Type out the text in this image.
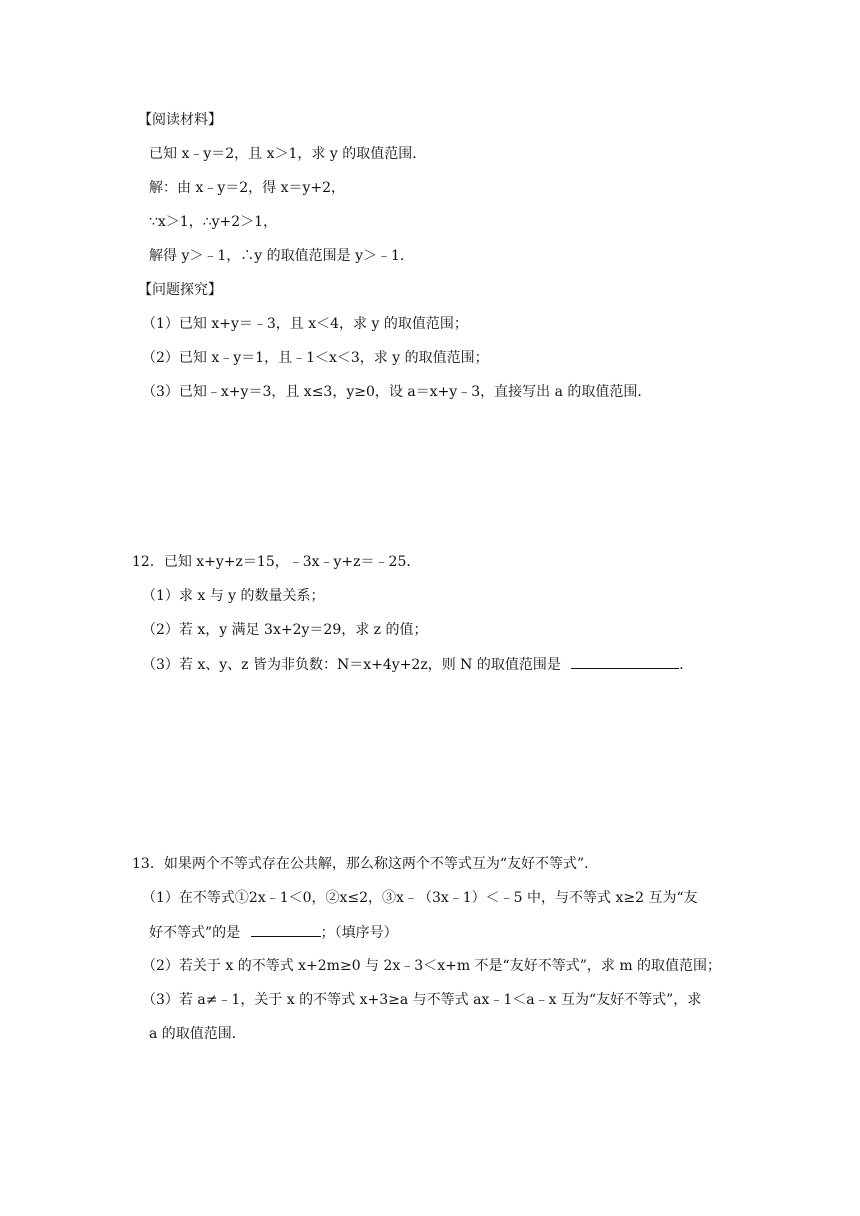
【阅读材料】
已知 x﹣y＝2，且 x＞1，求 y 的取值范围．
解：由 x﹣y＝2，得 x＝y+2，
∵x＞1，∴y+2＞1，
解得 y＞﹣1，∴y 的取值范围是 y＞﹣1．
【问题探究】
（1）已知 x+y＝﹣3，且 x＜4，求 y 的取值范围；
（2）已知 x﹣y＝1，且﹣1＜x＜3，求 y 的取值范围；
（3）已知﹣x+y＝3，且 x≤3，y≥0，设 a＝x+y﹣3，直接写出 a 的取值范围．
12．已知 x+y+z＝15，﹣3x﹣y+z＝﹣25．
（1）求 x 与 y 的数量关系；
（2）若 x，y 满足 3x+2y＝29，求 z 的值；
（3）若 x、y、z 皆为非负数：N＝x+4y+2z，则 N 的取值范围是	．
13．如果两个不等式存在公共解，那么称这两个不等式互为“友好不等式”．
（1）在不等式①2x﹣1＜0，②x≤2，③x﹣（3x﹣1）＜﹣5 中，与不等式 x≥2 互为“友
好不等式”的是	；（填序号）
（2）若关于 x 的不等式 x+2m≥0 与 2x﹣3＜x+m 不是“友好不等式”，求 m 的取值范围；
（3）若 a≠﹣1，关于 x 的不等式 x+3≥a 与不等式 ax﹣1＜a﹣x 互为“友好不等式”，求
a 的取值范围．
